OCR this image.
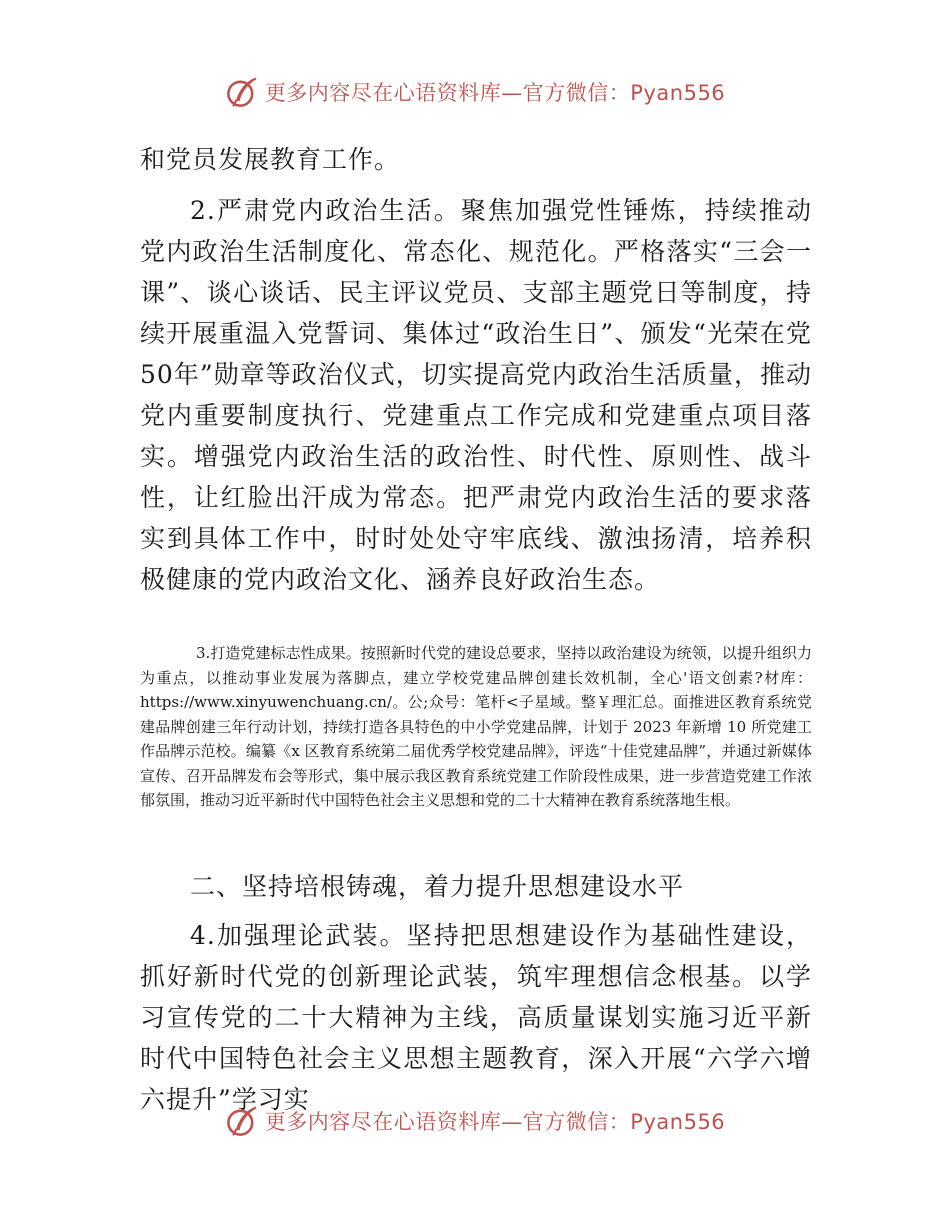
更多内容尽在心语资料库—官方微信：Pyan556

和党员发展教育工作。

2.严肃党内政治生活。聚焦加强党性锤炼，持续推动党内政治生活制度化、常态化、规范化。严格落实“三会一课”、谈心谈话、民主评议党员、支部主题党日等制度，持续开展重温入党誓词、集体过“政治生日”、颁发“光荣在党 50年”勋章等政治仪式，切实提高党内政治生活质量，推动党内重要制度执行、党建重点工作完成和党建重点项目落实。增强党内政治生活的政治性、时代性、原则性、战斗性，让红脸出汗成为常态。把严肃党内政治生活的要求落实到具体工作中，时时处处守牢底线、激浊扬清，培养积极健康的党内政治文化、涵养良好政治生态。

3.打造党建标志性成果。按照新时代党的建设总要求，坚持以政治建设为统领，以提升组织力为重点，以推动事业发展为落脚点，建立学校党建品牌创建长效机制，全心'语文创素?材库：https://www.xinyuwenchuang.cn/。公;众号：笔杆<子星域。整￥理汇总。面推进区教育系统党建品牌创建三年行动计划，持续打造各具特色的中小学党建品牌，计划于 2023 年新增 10 所党建工作品牌示范校。编纂《x 区教育系统第二届优秀学校党建品牌》，评选“十佳党建品牌”，并通过新媒体宣传、召开品牌发布会等形式，集中展示我区教育系统党建工作阶段性成果，进一步营造党建工作浓郁氛围，推动习近平新时代中国特色社会主义思想和党的二十大精神在教育系统落地生根。

二、坚持培根铸魂，着力提升思想建设水平

4.加强理论武装。坚持把思想建设作为基础性建设，抓好新时代党的创新理论武装，筑牢理想信念根基。以学习宣传党的二十大精神为主线，高质量谋划实施习近平新时代中国特色社会主义思想主题教育，深入开展“六学六增六提升”学习实

更多内容尽在心语资料库—官方微信：Pyan556
